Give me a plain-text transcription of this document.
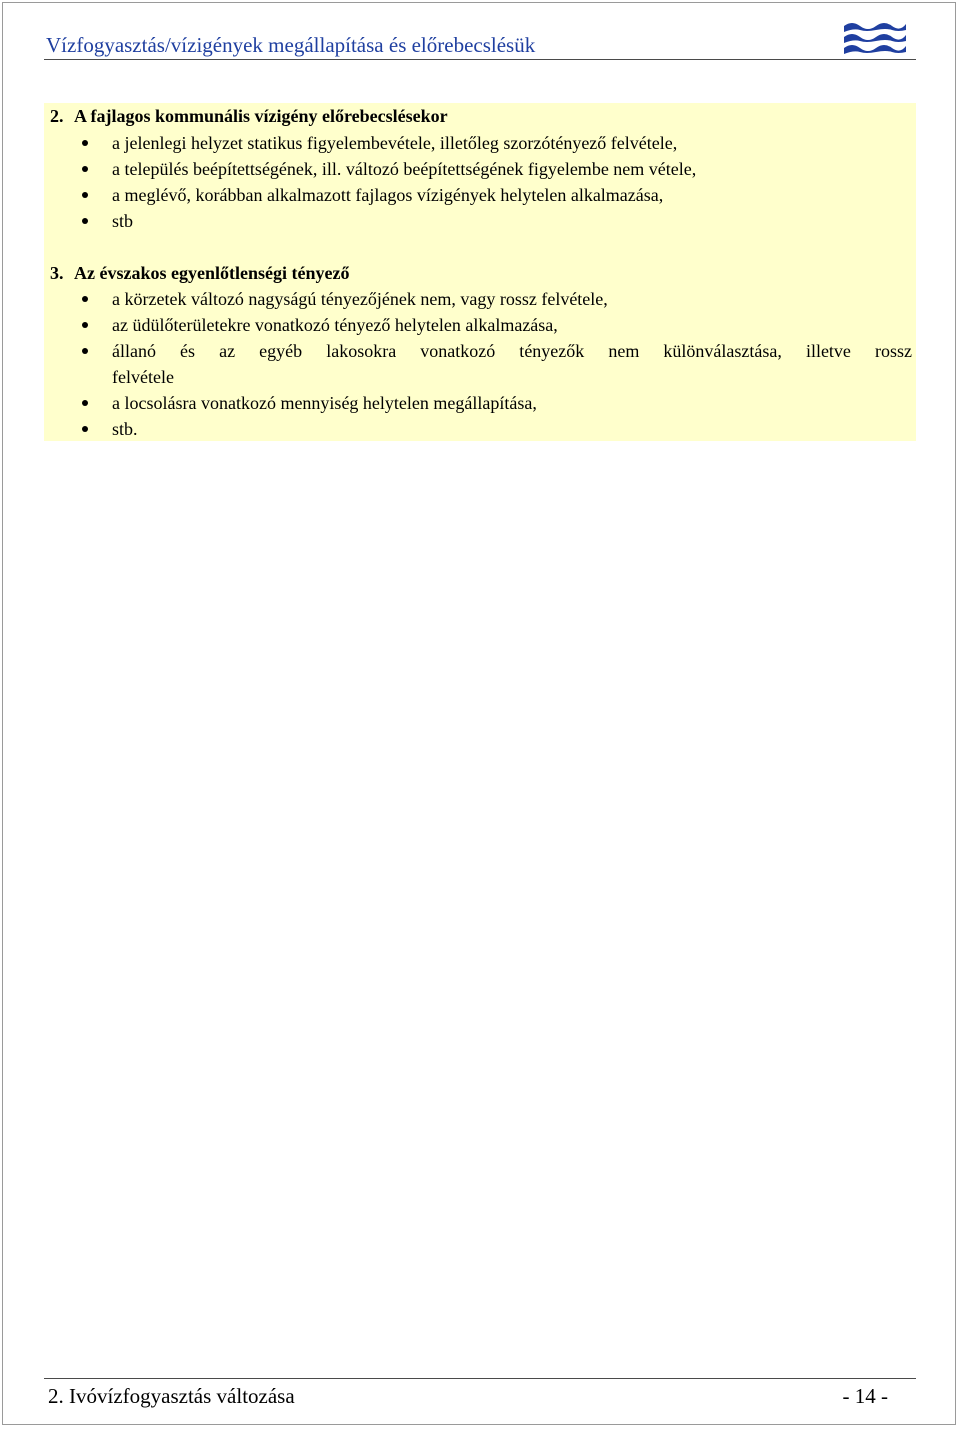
Vízfogyasztás/vízigények megállapítása és előrebecslésük
2. A fajlagos kommunális vízigény előrebecslésekor
a jelenlegi helyzet statikus figyelembevétele, illetőleg szorzótényező felvétele,
a település beépítettségének, ill. változó beépítettségének figyelembe nem vétele,
a meglévő, korábban alkalmazott fajlagos vízigények helytelen alkalmazása,
stb
3. Az évszakos egyenlőtlenségi tényező
a körzetek változó nagyságú tényezőjének nem, vagy rossz felvétele,
az üdülőterületekre vonatkozó tényező helytelen alkalmazása,
állanó és az egyéb lakosokra vonatkozó tényezők nem különválasztása, illetve rossz
felvétele
a locsolásra vonatkozó mennyiség helytelen megállapítása,
stb.
2. Ivóvízfogyasztás változása	- 14 -
